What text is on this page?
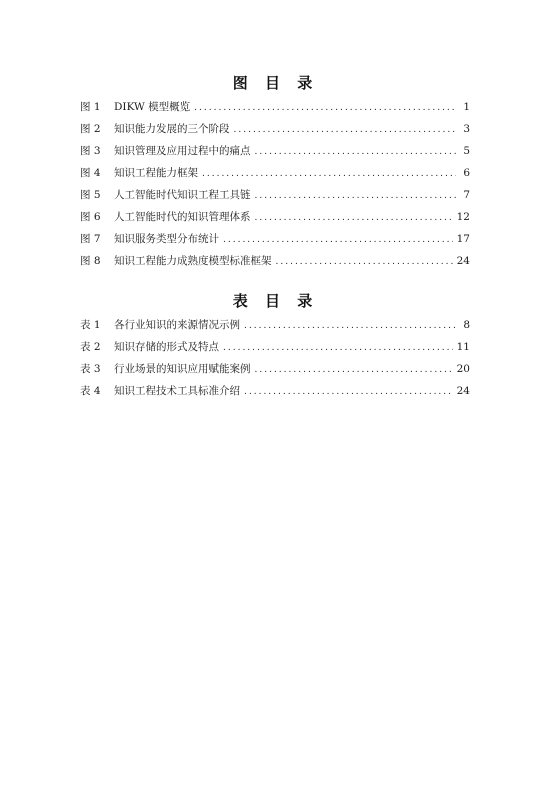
图 目 录
图 1	DIKW 模型概览 .....	1
图 2	知识能力发展的三个阶段 .....	3
图 3	知识管理及应用过程中的痛点 .....	5
图 4	知识工程能力框架 .....	6
图 5	人工智能时代知识工程工具链 .....	7
图 6	人工智能时代的知识管理体系 .....	12
图 7	知识服务类型分布统计 .....	17
图 8	知识工程能力成熟度模型标准框架 .....	24
表 目 录
表 1	各行业知识的来源情况示例 .....	8
表 2	知识存储的形式及特点 .....	11
表 3	行业场景的知识应用赋能案例 .....	20
表 4	知识工程技术工具标准介绍 .....	24
